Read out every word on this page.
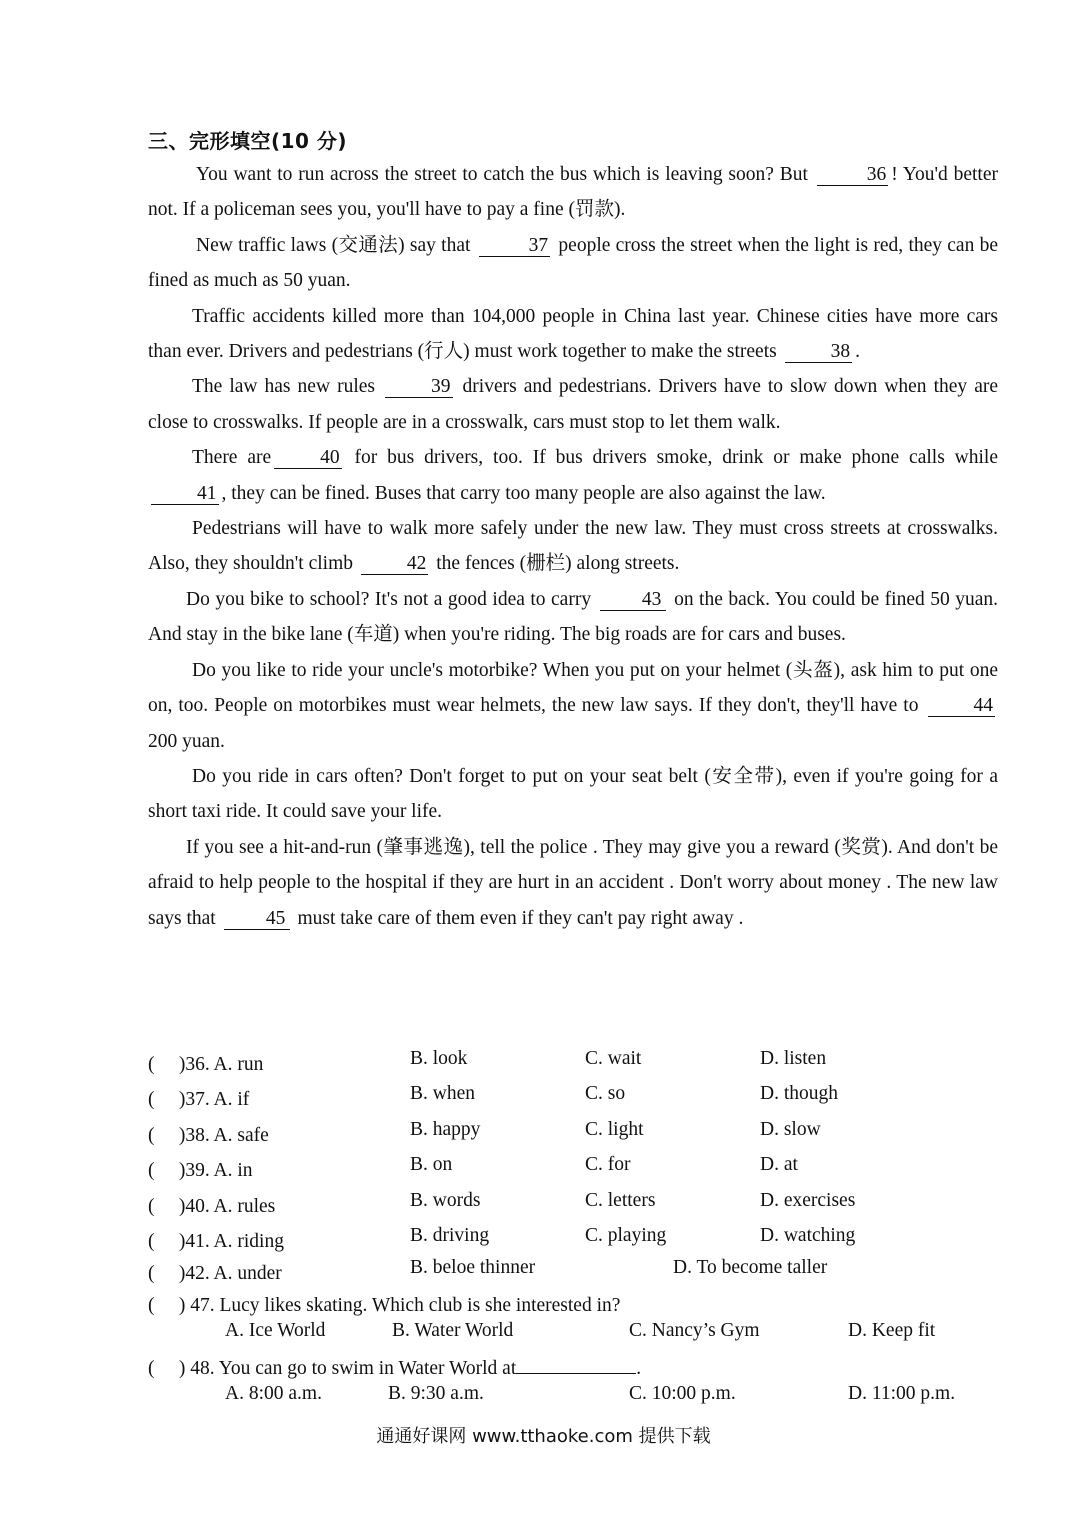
三、完形填空(10 分)

You want to run across the street to catch the bus which is leaving soon? But	36 ! You'd better not. If a policeman sees you, you'll have to pay a fine (罚款).

New traffic laws (交通法) say that	37 people cross the street when the light is red, they can be fined as much as 50 yuan.

Traffic accidents killed more than 104,000 people in China last year. Chinese cities have more cars than ever. Drivers and pedestrians (行人) must work together to make the streets	38 .

The law has new rules	39 drivers and pedestrians. Drivers have to slow down when they are close to crosswalks. If people are in a crosswalk, cars must stop to let them walk.

There are	40 for bus drivers, too. If bus drivers smoke, drink or make phone calls while 41 , they can be fined. Buses that carry too many people are also against the law.

Pedestrians will have to walk more safely under the new law. They must cross streets at crosswalks. Also, they shouldn't climb	42 the fences (栅栏) along streets.

Do you bike to school? It's not a good idea to carry 43 on the back. You could be fined 50 yuan. And stay in the bike lane (车道) when you're riding. The big roads are for cars and buses.

Do you like to ride your uncle's motorbike? When you put on your helmet (头盔), ask him to put one on, too. People on motorbikes must wear helmets, the new law says. If they don't, they'll have to	44200 yuan.

Do you ride in cars often? Don't forget to put on your seat belt (安全带), even if you're going for a short taxi ride. It could save your life.

If you see a hit-and-run (肇事逃逸), tell the police . They may give you a reward (奖赏). And don't be afraid to help people to the hospital if they are hurt in an accident . Don't worry about money . The new law says that 45 must take care of them even if they can't pay right away .

(　 )36. A. run	B. look	C. wait	D. listen
(　 )37. A. if	B. when	C. so	D. though
(　 )38. A. safe	B. happy	C. light	D. slow
(　 )39. A. in	B. on	C. for	D. at
(　 )40. A. rules	B. words	C. letters	D. exercises
(　 )41. A. riding	B. driving	C. playing	D. watching
(　 )42. A. under	B. beloe thinner	D. To become taller
(　 ) 47. Lucy likes skating. Which club is she interested in?
A. Ice World	B. Water World	C. Nancy’s Gym	D. Keep fit
(　 ) 48. You can go to swim in Water World at	.
A. 8:00 a.m.	B. 9:30 a.m.	C. 10:00 p.m.	D. 11:00 p.m.
通通好课网 www.tthaoke.com 提供下载
